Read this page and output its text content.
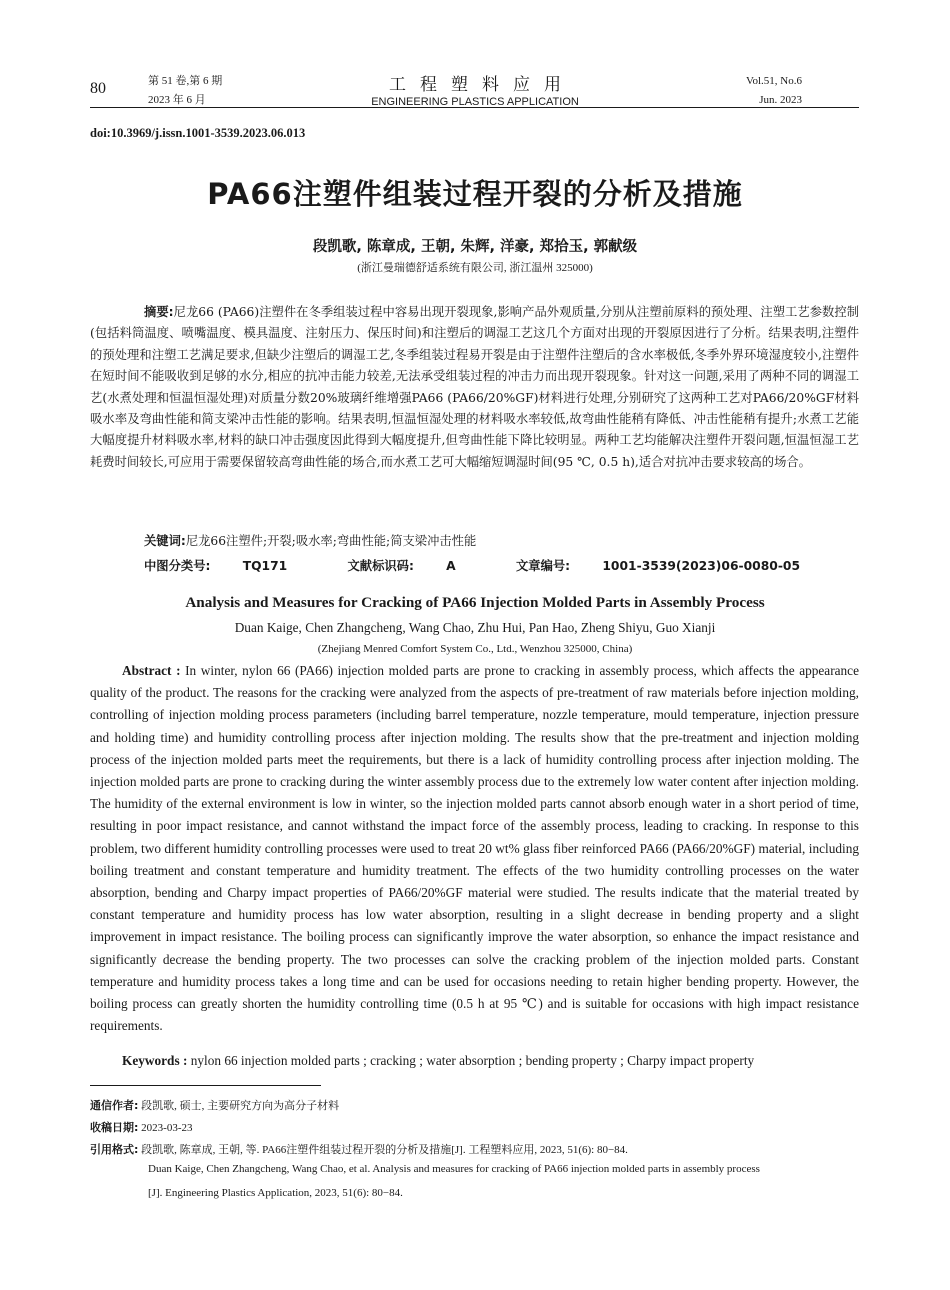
80	第 51 卷,第 6 期
2023 年 6 月
工程塑料应用
ENGINEERING PLASTICS APPLICATION
Vol.51, No.6
Jun. 2023
doi:10.3969/j.issn.1001-3539.2023.06.013
PA66注塑件组装过程开裂的分析及措施
段凯歌, 陈章成, 王朝, 朱辉, 洋豪, 郑拾玉, 郭献级
(浙江曼瑞德舒适系统有限公司, 浙江温州 325000)
摘要:尼龙66 (PA66)注塑件在冬季组装过程中容易出现开裂现象,影响产品外观质量,分别从注塑前原料的预处理、注塑工艺参数控制(包括料筒温度、喷嘴温度、模具温度、注射压力、保压时间)和注塑后的调湿工艺这几个方面对出现的开裂原因进行了分析。结果表明,注塑件的预处理和注塑工艺满足要求,但缺少注塑后的调湿工艺,冬季组装过程易开裂是由于注塑件注塑后的含水率极低,冬季外界环境湿度较小,注塑件在短时间不能吸收到足够的水分,相应的抗冲击能力较差,无法承受组装过程的冲击力而出现开裂现象。针对这一问题,采用了两种不同的调湿工艺(水煮处理和恒温恒湿处理)对质量分数20%玻璃纤维增强PA66 (PA66/20%GF)材料进行处理,分别研究了这两种工艺对PA66/20%GF材料吸水率及弯曲性能和简支梁冲击性能的影响。结果表明,恒温恒湿处理的材料吸水率较低,故弯曲性能稍有降低、冲击性能稍有提升;水煮工艺能大幅度提升材料吸水率,材料的缺口冲击强度因此得到大幅度提升,但弯曲性能下降比较明显。两种工艺均能解决注塑件开裂问题,恒温恒湿工艺耗费时间较长,可应用于需要保留较高弯曲性能的场合,而水煮工艺可大幅缩短调湿时间(95 ℃, 0.5 h),适合对抗冲击要求较高的场合。
关键词:尼龙66注塑件;开裂;吸水率;弯曲性能;简支梁冲击性能
中图分类号:	TQ171	文献标识码:	A	文章编号:	1001-3539(2023)06-0080-05
Analysis and Measures for Cracking of PA66 Injection Molded Parts in Assembly Process
Duan Kaige, Chen Zhangcheng, Wang Chao, Zhu Hui, Pan Hao, Zheng Shiyu, Guo Xianji
(Zhejiang Menred Comfort System Co., Ltd., Wenzhou 325000, China)
Abstract : In winter, nylon 66 (PA66) injection molded parts are prone to cracking in assembly process, which affects the appearance quality of the product. The reasons for the cracking were analyzed from the aspects of pre-treatment of raw materials before injection molding, controlling of injection molding process parameters (including barrel temperature, nozzle temperature, mould temperature, injection pressure and holding time) and humidity controlling process after injection molding. The results show that the pre-treatment and injection molding process of the injection molded parts meet the requirements, but there is a lack of humidity controlling process after injection molding. The injection molded parts are prone to cracking during the winter assembly process due to the extremely low water content after injection molding. The humidity of the external environment is low in winter, so the injection molded parts cannot absorb enough water in a short period of time, resulting in poor impact resistance, and cannot withstand the impact force of the assembly process, leading to cracking. In response to this problem, two different humidity controlling processes were used to treat 20 wt% glass fiber reinforced PA66 (PA66/20%GF) material, including boiling treatment and constant temperature and humidity treatment. The effects of the two humidity controlling processes on the water absorption, bending and Charpy impact properties of PA66/20%GF material were studied. The results indicate that the material treated by constant temperature and humidity process has low water absorption, resulting in a slight decrease in bending property and a slight improvement in impact resistance. The boiling process can significantly improve the water absorption, so enhance the impact resistance and significantly decrease the bending property. The two processes can solve the cracking problem of the injection molded parts. Constant temperature and humidity process takes a long time and can be used for occasions needing to retain higher bending property. However, the boiling process can greatly shorten the humidity controlling time (0.5 h at 95 ℃) and is suitable for occasions with high impact resistance requirements.
Keywords : nylon 66 injection molded parts ; cracking ; water absorption ; bending property ; Charpy impact property
通信作者: 段凯歌, 硕士, 主要研究方向为高分子材料
收稿日期: 2023-03-23
引用格式: 段凯歌, 陈章成, 王朝, 等. PA66注塑件组装过程开裂的分析及措施[J]. 工程塑料应用, 2023, 51(6): 80−84.
Duan Kaige, Chen Zhangcheng, Wang Chao, et al. Analysis and measures for cracking of PA66 injection molded parts in assembly process
[J]. Engineering Plastics Application, 2023, 51(6): 80−84.
